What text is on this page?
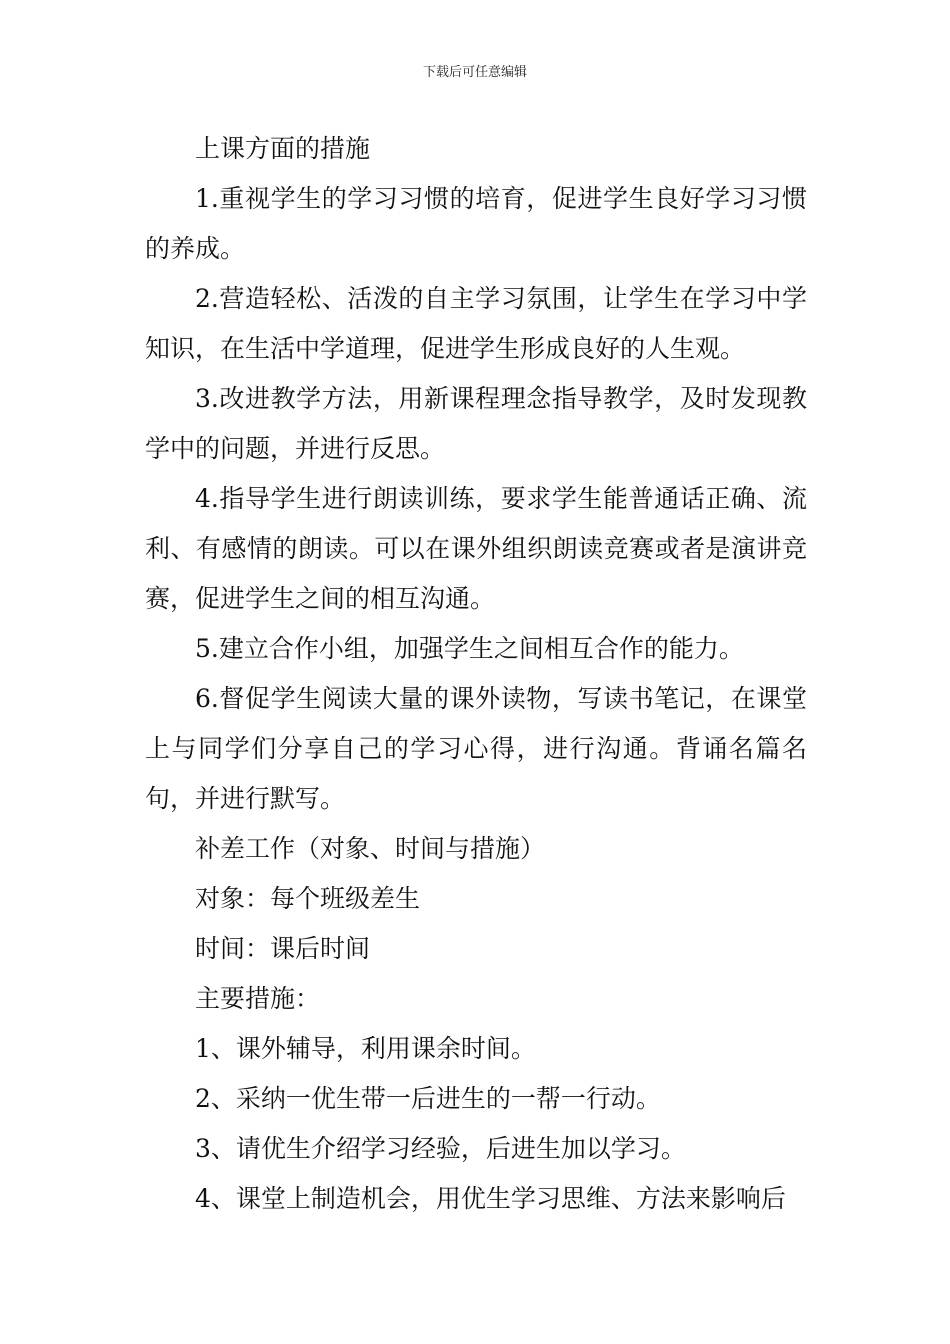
下载后可任意编辑

上课方面的措施

1.重视学生的学习习惯的培育，促进学生良好学习习惯的养成。

2.营造轻松、活泼的自主学习氛围，让学生在学习中学知识，在生活中学道理，促进学生形成良好的人生观。

3.改进教学方法，用新课程理念指导教学，及时发现教学中的问题，并进行反思。

4.指导学生进行朗读训练，要求学生能普通话正确、流利、有感情的朗读。可以在课外组织朗读竞赛或者是演讲竞赛，促进学生之间的相互沟通。

5.建立合作小组，加强学生之间相互合作的能力。

6.督促学生阅读大量的课外读物，写读书笔记，在课堂上与同学们分享自己的学习心得，进行沟通。背诵名篇名句，并进行默写。

补差工作（对象、时间与措施）

对象：每个班级差生

时间：课后时间

主要措施：

1、课外辅导，利用课余时间。

2、采纳一优生带一后进生的一帮一行动。

3、请优生介绍学习经验，后进生加以学习。

4、课堂上制造机会，用优生学习思维、方法来影响后
